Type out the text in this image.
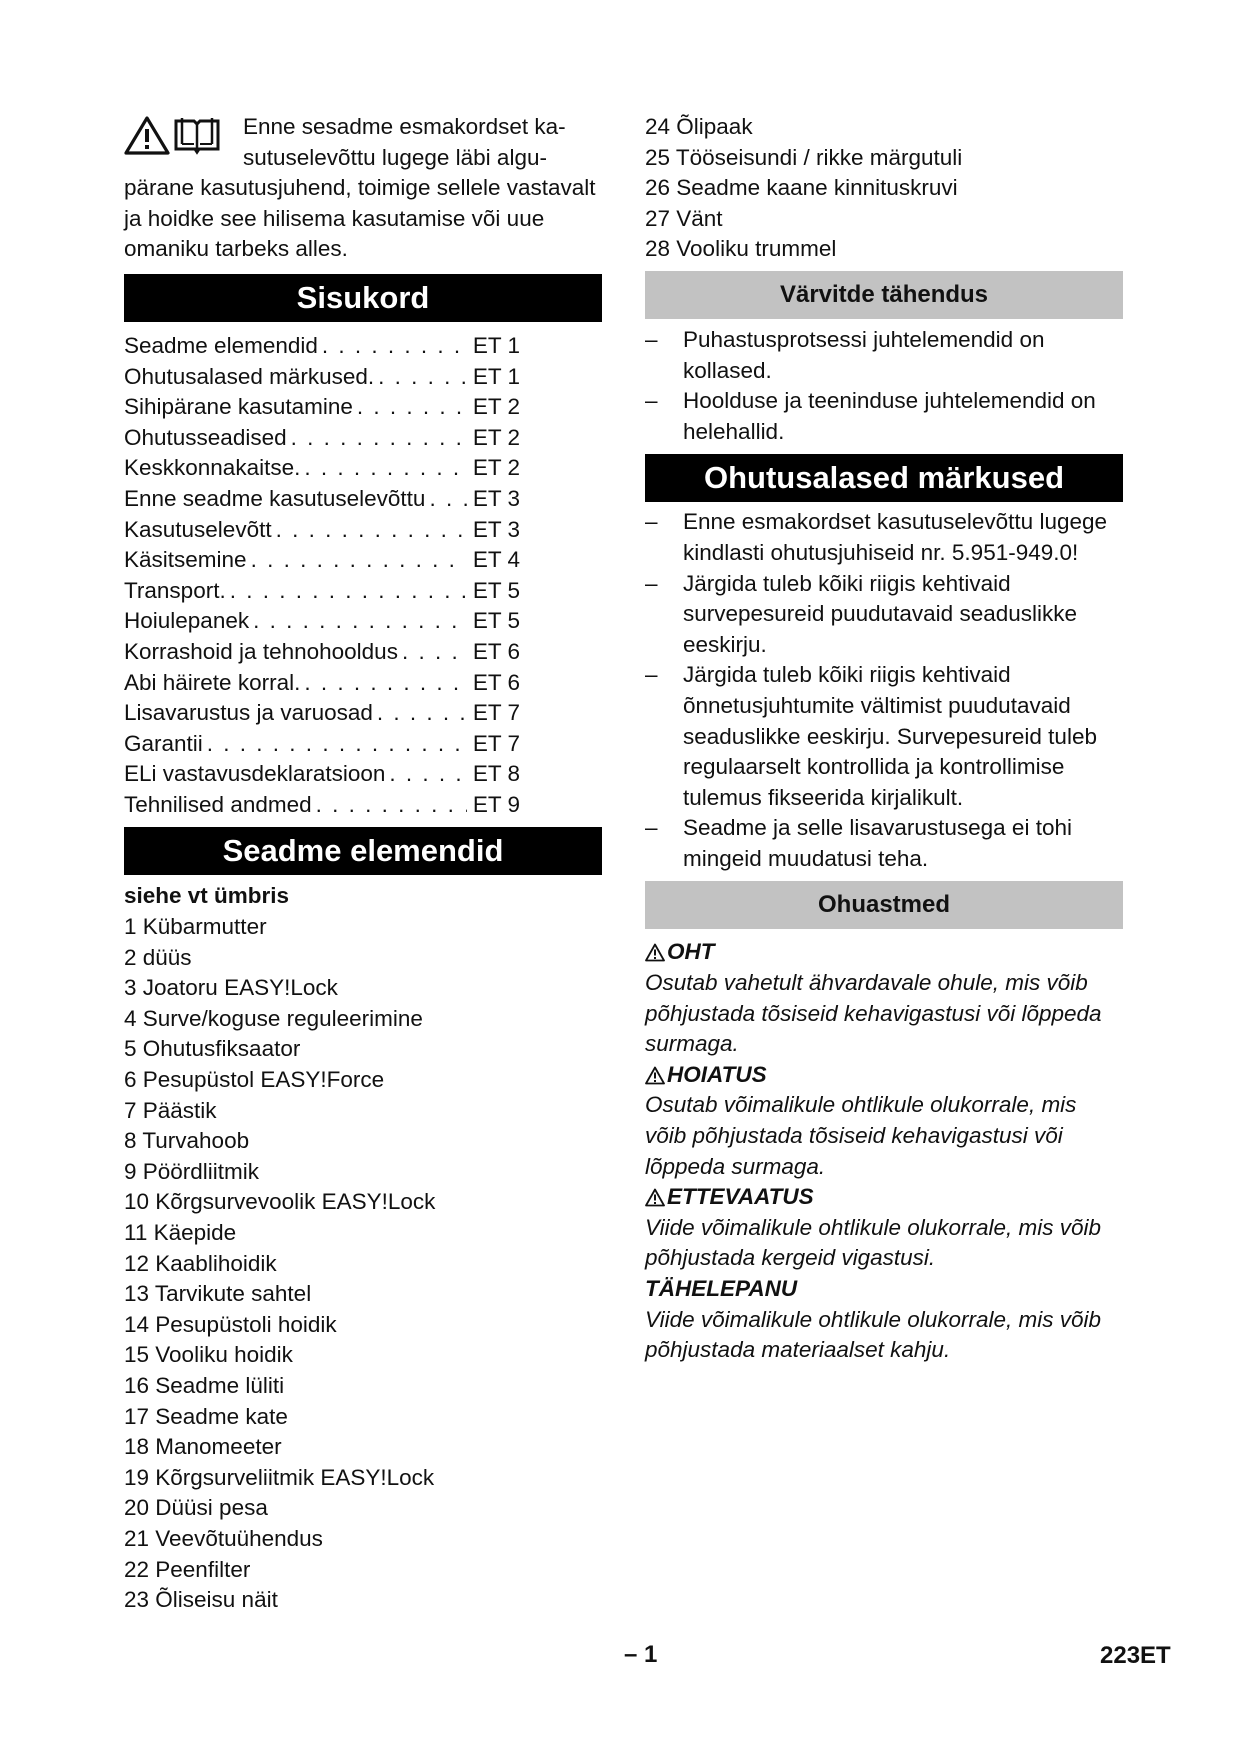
Enne sesadme esmakordset ka-
sutuselevõttu lugege läbi algu-
pärane kasutusjuhend, toimige sellele vastavalt ja hoidke see hilisema kasutamise või uue omaniku tarbeks alles.
Sisukord
Seadme elemendid . . .	ET 1
Ohutusalased märkused. . . .	ET 1
Sihipärane kasutamine . . .	ET 2
Ohutusseadised . . .	ET 2
Keskkonnakaitse. . . .	ET 2
Enne seadme kasutuselevõttu . . . ET 3
Kasutuselevõtt . . .	ET 3
Käsitsemine . . .	ET 4
Transport. . . .	ET 5
Hoiulepanek . . .	ET 5
Korrashoid ja tehnohooldus . . .	ET 6
Abi häirete korral. . . .	ET 6
Lisavarustus ja varuosad . . .	ET 7
Garantii . . .	ET 7
ELi vastavusdeklaratsioon . . .	ET 8
Tehnilised andmed . . .	ET 9
Seadme elemendid

siehe vt ümbris

1 Kübarmutter
2 düüs
3 Joatoru EASY!Lock
4 Surve/koguse reguleerimine
5 Ohutusfiksaator
6 Pesupüstol EASY!Force
7 Päästik
8 Turvahoob
9 Pöördliitmik
10 Kõrgsurvevoolik EASY!Lock
11 Käepide
12 Kaablihoidik
13 Tarvikute sahtel
14 Pesupüstoli hoidik
15 Vooliku hoidik
16 Seadme lüliti
17 Seadme kate
18 Manomeeter
19 Kõrgsurveliitmik EASY!Lock
20 Düüsi pesa
21 Veevõtuühendus
22 Peenfilter
23 Õliseisu näit
24 Õlipaak
25 Tööseisundi / rikke märgutuli
26 Seadme kaane kinnituskruvi
27 Vänt
28 Vooliku trummel
Värvitde tähendus
– Puhastusprotsessi juhtelemendid on kollased.
– Hoolduse ja teeninduse juhtelemendid on helehallid.
Ohutusalased märkused
– Enne esmakordset kasutuselevõttu lugege kindlasti ohutusjuhiseid nr. 5.951-949.0!
– Järgida tuleb kõiki riigis kehtivaid survepesureid puudutavaid seaduslikke eeskirju.
– Järgida tuleb kõiki riigis kehtivaid õnnetusjuhtumite vältimist puudutavaid seaduslikke eeskirju. Survepesureid tuleb regulaarselt kontrollida ja kontrollimise tulemus fikseerida kirjalikult.
– Seadme ja selle lisavarustusega ei tohi mingeid muudatusi teha.
Ohuastmed
OHT
Osutab vahetult ähvardavale ohule, mis võib põhjustada tõsiseid kehavigastusi või lõppeda surmaga.
HOIATUS
Osutab võimalikule ohtlikule olukorrale, mis võib põhjustada tõsiseid kehavigastusi või lõppeda surmaga.
ETTEVAATUS
Viide võimalikule ohtlikule olukorrale, mis võib põhjustada kergeid vigastusi.
TÄHELEPANU
Viide võimalikule ohtlikule olukorrale, mis võib põhjustada materiaalset kahju.
– 1	223ET
